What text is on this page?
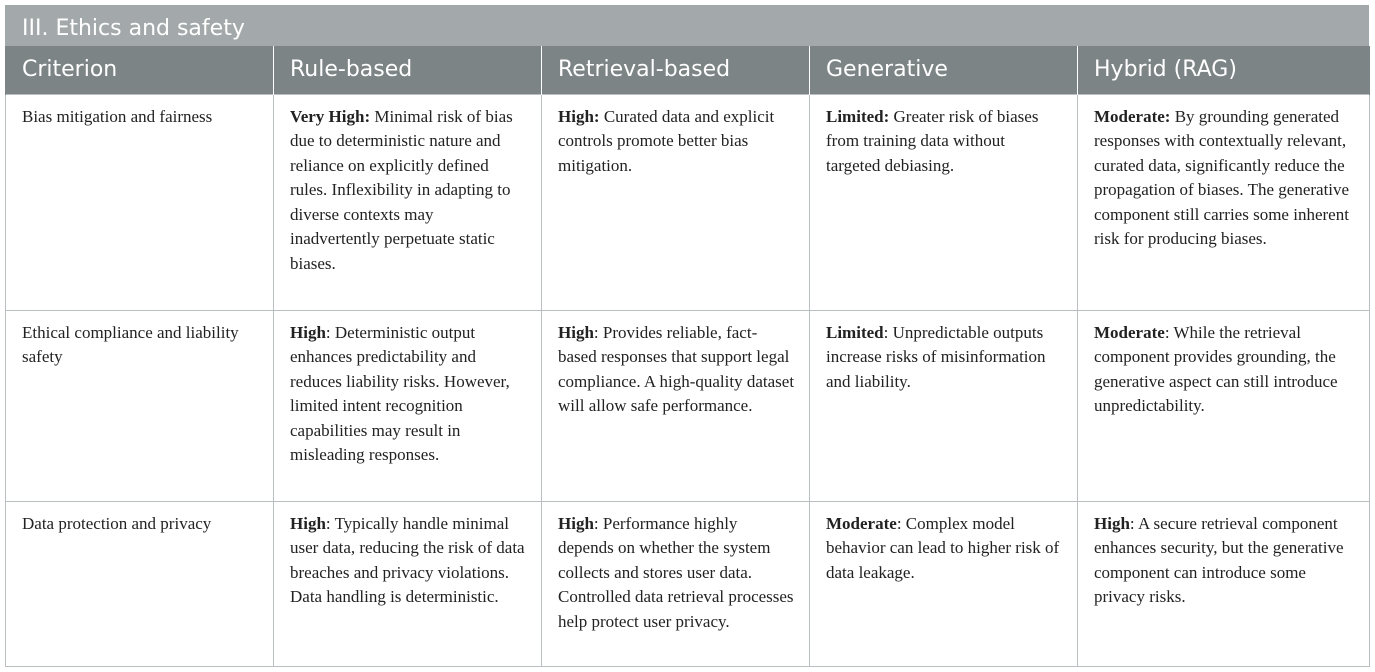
III. Ethics and safety
Criterion	Rule-based	Retrieval-based	Generative	Hybrid (RAG)
Bias mitigation and fairness	Very High: Minimal risk of bias due to deterministic nature and reliance on explicitly defined rules. Inflexibility in adapting to diverse contexts may inadvertently perpetuate static biases.	High: Curated data and explicit controls promote better bias mitigation.	Limited: Greater risk of biases from training data without targeted debiasing.	Moderate: By grounding generated responses with contextually relevant, curated data, significantly reduce the propagation of biases. The generative component still carries some inherent risk for producing biases.
Ethical compliance and liability safety	High: Deterministic output enhances predictability and reduces liability risks. However, limited intent recognition capabilities may result in misleading responses.	High: Provides reliable, fact-based responses that support legal compliance. A high-quality dataset will allow safe performance.	Limited: Unpredictable outputs increase risks of misinformation and liability.	Moderate: While the retrieval component provides grounding, the generative aspect can still introduce unpredictability.
Data protection and privacy	High: Typically handle minimal user data, reducing the risk of data breaches and privacy violations. Data handling is deterministic.	High: Performance highly depends on whether the system collects and stores user data. Controlled data retrieval processes help protect user privacy.	Moderate: Complex model behavior can lead to higher risk of data leakage.	High: A secure retrieval component enhances security, but the generative component can introduce some privacy risks.
